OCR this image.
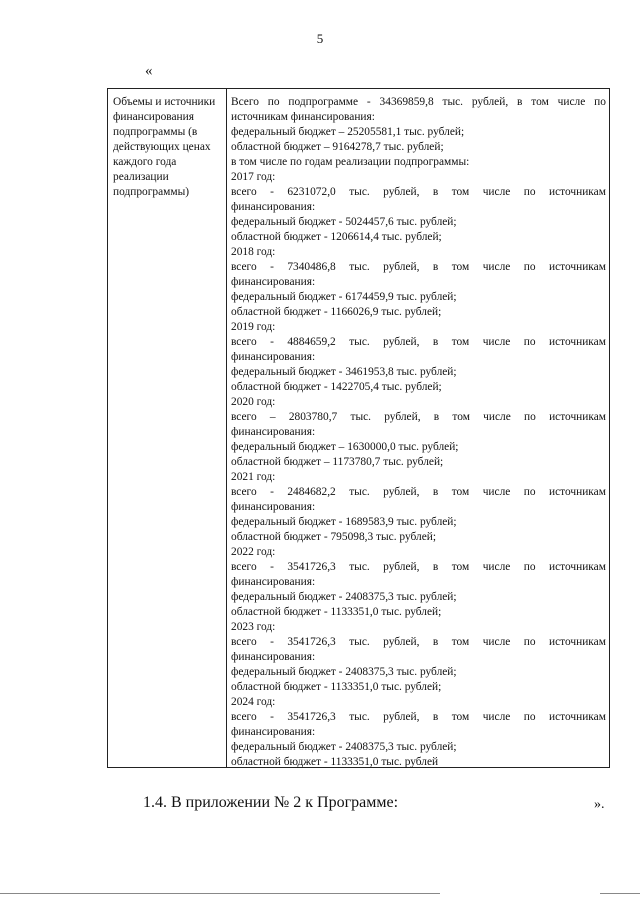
5
«
Объемы и источники
финансирования
подпрограммы (в
действующих ценах
каждого года
реализации
подпрограммы)
Всего по подпрограмме - 34369859,8 тыс. рублей, в том числе по
источникам финансирования:
федеральный бюджет – 25205581,1 тыс. рублей;
областной бюджет – 9164278,7 тыс. рублей;
в том числе по годам реализации подпрограммы:
2017 год:
всего - 6231072,0 тыс. рублей, в том числе по источникам
финансирования:
федеральный бюджет - 5024457,6 тыс. рублей;
областной бюджет - 1206614,4 тыс. рублей;
2018 год:
всего - 7340486,8 тыс. рублей, в том числе по источникам
финансирования:
федеральный бюджет - 6174459,9 тыс. рублей;
областной бюджет - 1166026,9 тыс. рублей;
2019 год:
всего - 4884659,2 тыс. рублей, в том числе по источникам
финансирования:
федеральный бюджет - 3461953,8 тыс. рублей;
областной бюджет - 1422705,4 тыс. рублей;
2020 год:
всего – 2803780,7 тыс. рублей, в том числе по источникам
финансирования:
федеральный бюджет – 1630000,0 тыс. рублей;
областной бюджет – 1173780,7 тыс. рублей;
2021 год:
всего - 2484682,2 тыс. рублей, в том числе по источникам
финансирования:
федеральный бюджет - 1689583,9 тыс. рублей;
областной бюджет - 795098,3 тыс. рублей;
2022 год:
всего - 3541726,3 тыс. рублей, в том числе по источникам
финансирования:
федеральный бюджет - 2408375,3 тыс. рублей;
областной бюджет - 1133351,0 тыс. рублей;
2023 год:
всего - 3541726,3 тыс. рублей, в том числе по источникам
финансирования:
федеральный бюджет - 2408375,3 тыс. рублей;
областной бюджет - 1133351,0 тыс. рублей;
2024 год:
всего - 3541726,3 тыс. рублей, в том числе по источникам
финансирования:
федеральный бюджет - 2408375,3 тыс. рублей;
областной бюджет - 1133351,0 тыс. рублей
».
1.4. В приложении № 2 к Программе:
